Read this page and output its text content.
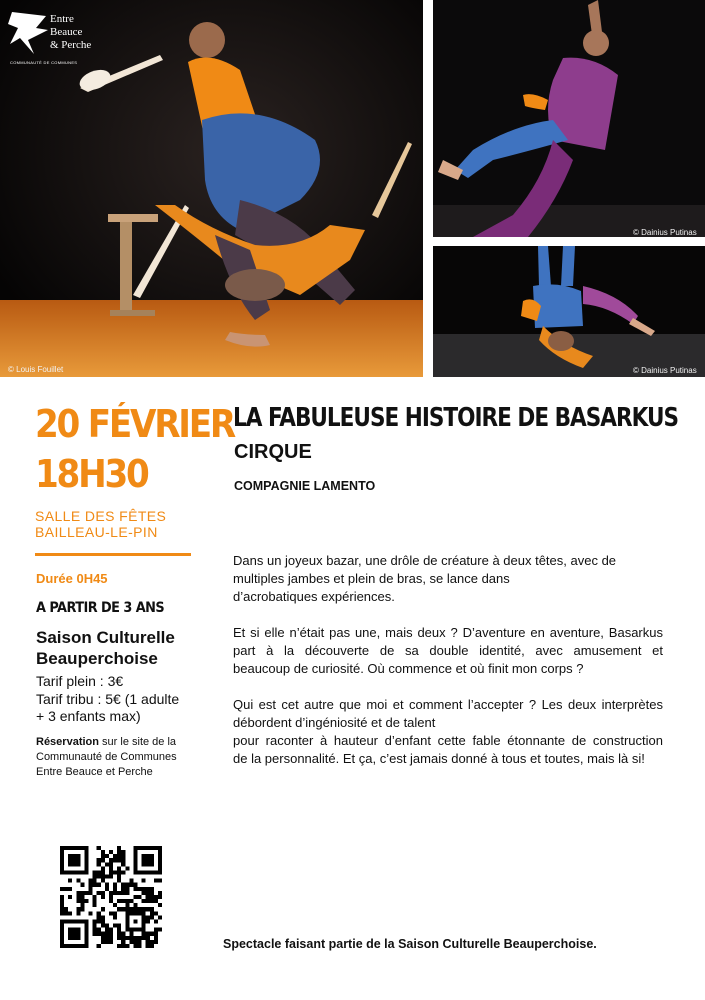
© Louis Fouillet
Entre
Beauce
& Perche
COMMUNAUTÉ DE COMMUNES
© Dainius Putinas
© Dainius Putinas
20 FÉVRIER
18H30
SALLE DES FÊTES
BAILLEAU-LE-PIN
Durée 0H45
A PARTIR DE 3 ANS
Saison Culturelle
Beauperchoise
Tarif plein : 3€
Tarif tribu : 5€ (1 adulte
+ 3 enfants max)
Réservation sur le site de la
Communauté de Communes
Entre Beauce et Perche
LA FABULEUSE HISTOIRE DE BASARKUS
CIRQUE
COMPAGNIE LAMENTO
Dans un joyeux bazar, une drôle de créature à deux têtes, avec de
multiples jambes et plein de bras, se lance dans
d’acrobatiques expériences.
Et si elle n’était pas une, mais deux ? D’aventure en aventure, Basarkus
part à la découverte de sa double identité, avec amusement et
beaucoup de curiosité. Où commence et où finit mon corps ?
Qui est cet autre que moi et comment l’accepter ? Les deux interprètes
débordent d’ingéniosité et de talent
pour raconter à hauteur d’enfant cette fable étonnante de construction
de la personnalité. Et ça, c’est jamais donné à tous et toutes, mais là si!
Spectacle faisant partie de la Saison Culturelle Beauperchoise.
